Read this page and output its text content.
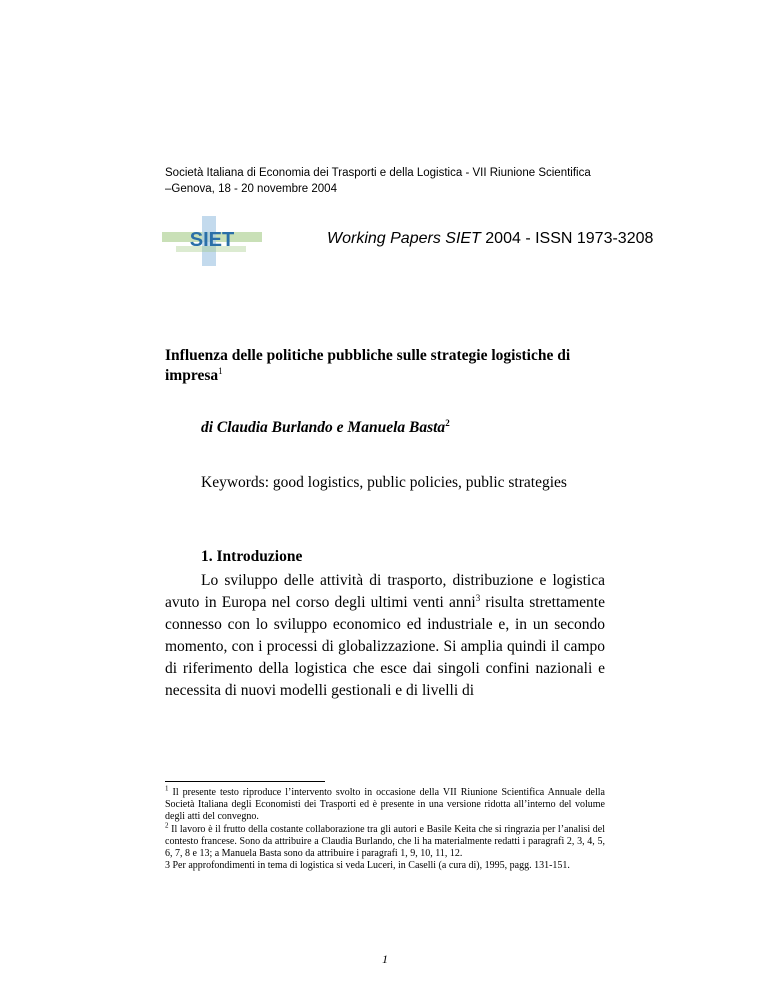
Società Italiana di Economia dei Trasporti e della Logistica - VII Riunione Scientifica
–Genova, 18 - 20 novembre 2004
SIET	Working Papers SIET 2004 - ISSN 1973-3208
Influenza delle politiche pubbliche sulle strategie logistiche di impresa$^1$
di Claudia Burlando e Manuela Basta$^2$
Keywords: good logistics, public policies, public strategies
1. Introduzione
Lo sviluppo delle attività di trasporto, distribuzione e logistica avuto in Europa nel corso degli ultimi venti anni$^3$ risulta strettamente connesso con lo sviluppo economico ed industriale e, in un secondo momento, con i processi di globalizzazione. Si amplia quindi il campo di riferimento della logistica che esce dai singoli confini nazionali e necessita di nuovi modelli gestionali e di livelli di

$^1$ Il presente testo riproduce l’intervento svolto in occasione della VII Riunione Scientifica Annuale della Società Italiana degli Economisti dei Trasporti ed è presente in una versione ridotta all’interno del volume degli atti del convegno.

$^2$ Il lavoro è il frutto della costante collaborazione tra gli autori e Basile Keita che si ringrazia per l’analisi del contesto francese. Sono da attribuire a Claudia Burlando, che li ha materialmente redatti i paragrafi 2, 3, 4, 5, 6, 7, 8 e 13; a Manuela Basta sono da attribuire i paragrafi 1, 9, 10, 11, 12.

3 Per approfondimenti in tema di logistica si veda Luceri, in Caselli (a cura di), 1995, pagg. 131-151.

1
